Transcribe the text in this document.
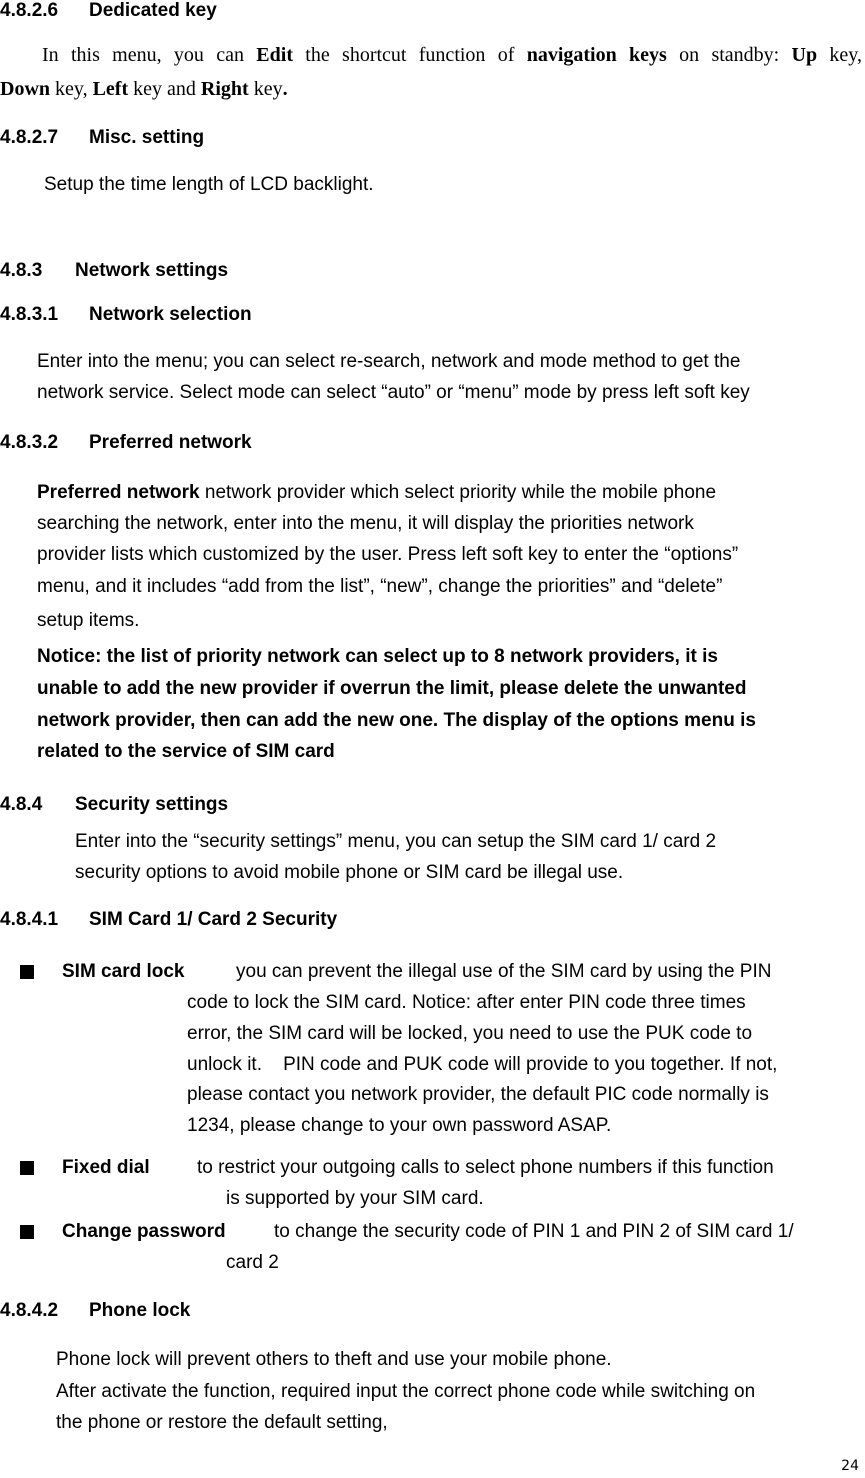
4.8.2.6 Dedicated key
In this menu, you can Edit the shortcut function of navigation keys on standby: Up key,
Down key, Left key and Right key.
4.8.2.7 Misc. setting
Setup the time length of LCD backlight.
4.8.3 Network settings
4.8.3.1 Network selection
Enter into the menu; you can select re-search, network and mode method to get the
network service. Select mode can select “auto” or “menu” mode by press left soft key
4.8.3.2 Preferred network
Preferred network network provider which select priority while the mobile phone
searching the network, enter into the menu, it will display the priorities network
provider lists which customized by the user. Press left soft key to enter the “options”
menu, and it includes “add from the list”, “new”, change the priorities” and “delete”
setup items.
Notice: the list of priority network can select up to 8 network providers, it is
unable to add the new provider if overrun the limit, please delete the unwanted
network provider, then can add the new one. The display of the options menu is
related to the service of SIM card
4.8.4 Security settings
Enter into the “security settings” menu, you can setup the SIM card 1/ card 2
security options to avoid mobile phone or SIM card be illegal use.
4.8.4.1 SIM Card 1/ Card 2 Security
SIM card lock	you can prevent the illegal use of the SIM card by using the PIN
code to lock the SIM card. Notice: after enter PIN code three times
error, the SIM card will be locked, you need to use the PUK code to
unlock it.    PIN code and PUK code will provide to you together. If not,
please contact you network provider, the default PIC code normally is
1234, please change to your own password ASAP.
Fixed dial to restrict your outgoing calls to select phone numbers if this function
is supported by your SIM card.
Change password	to change the security code of PIN 1 and PIN 2 of SIM card 1/
card 2
4.8.4.2 Phone lock
Phone lock will prevent others to theft and use your mobile phone.
After activate the function, required input the correct phone code while switching on
the phone or restore the default setting,
24
